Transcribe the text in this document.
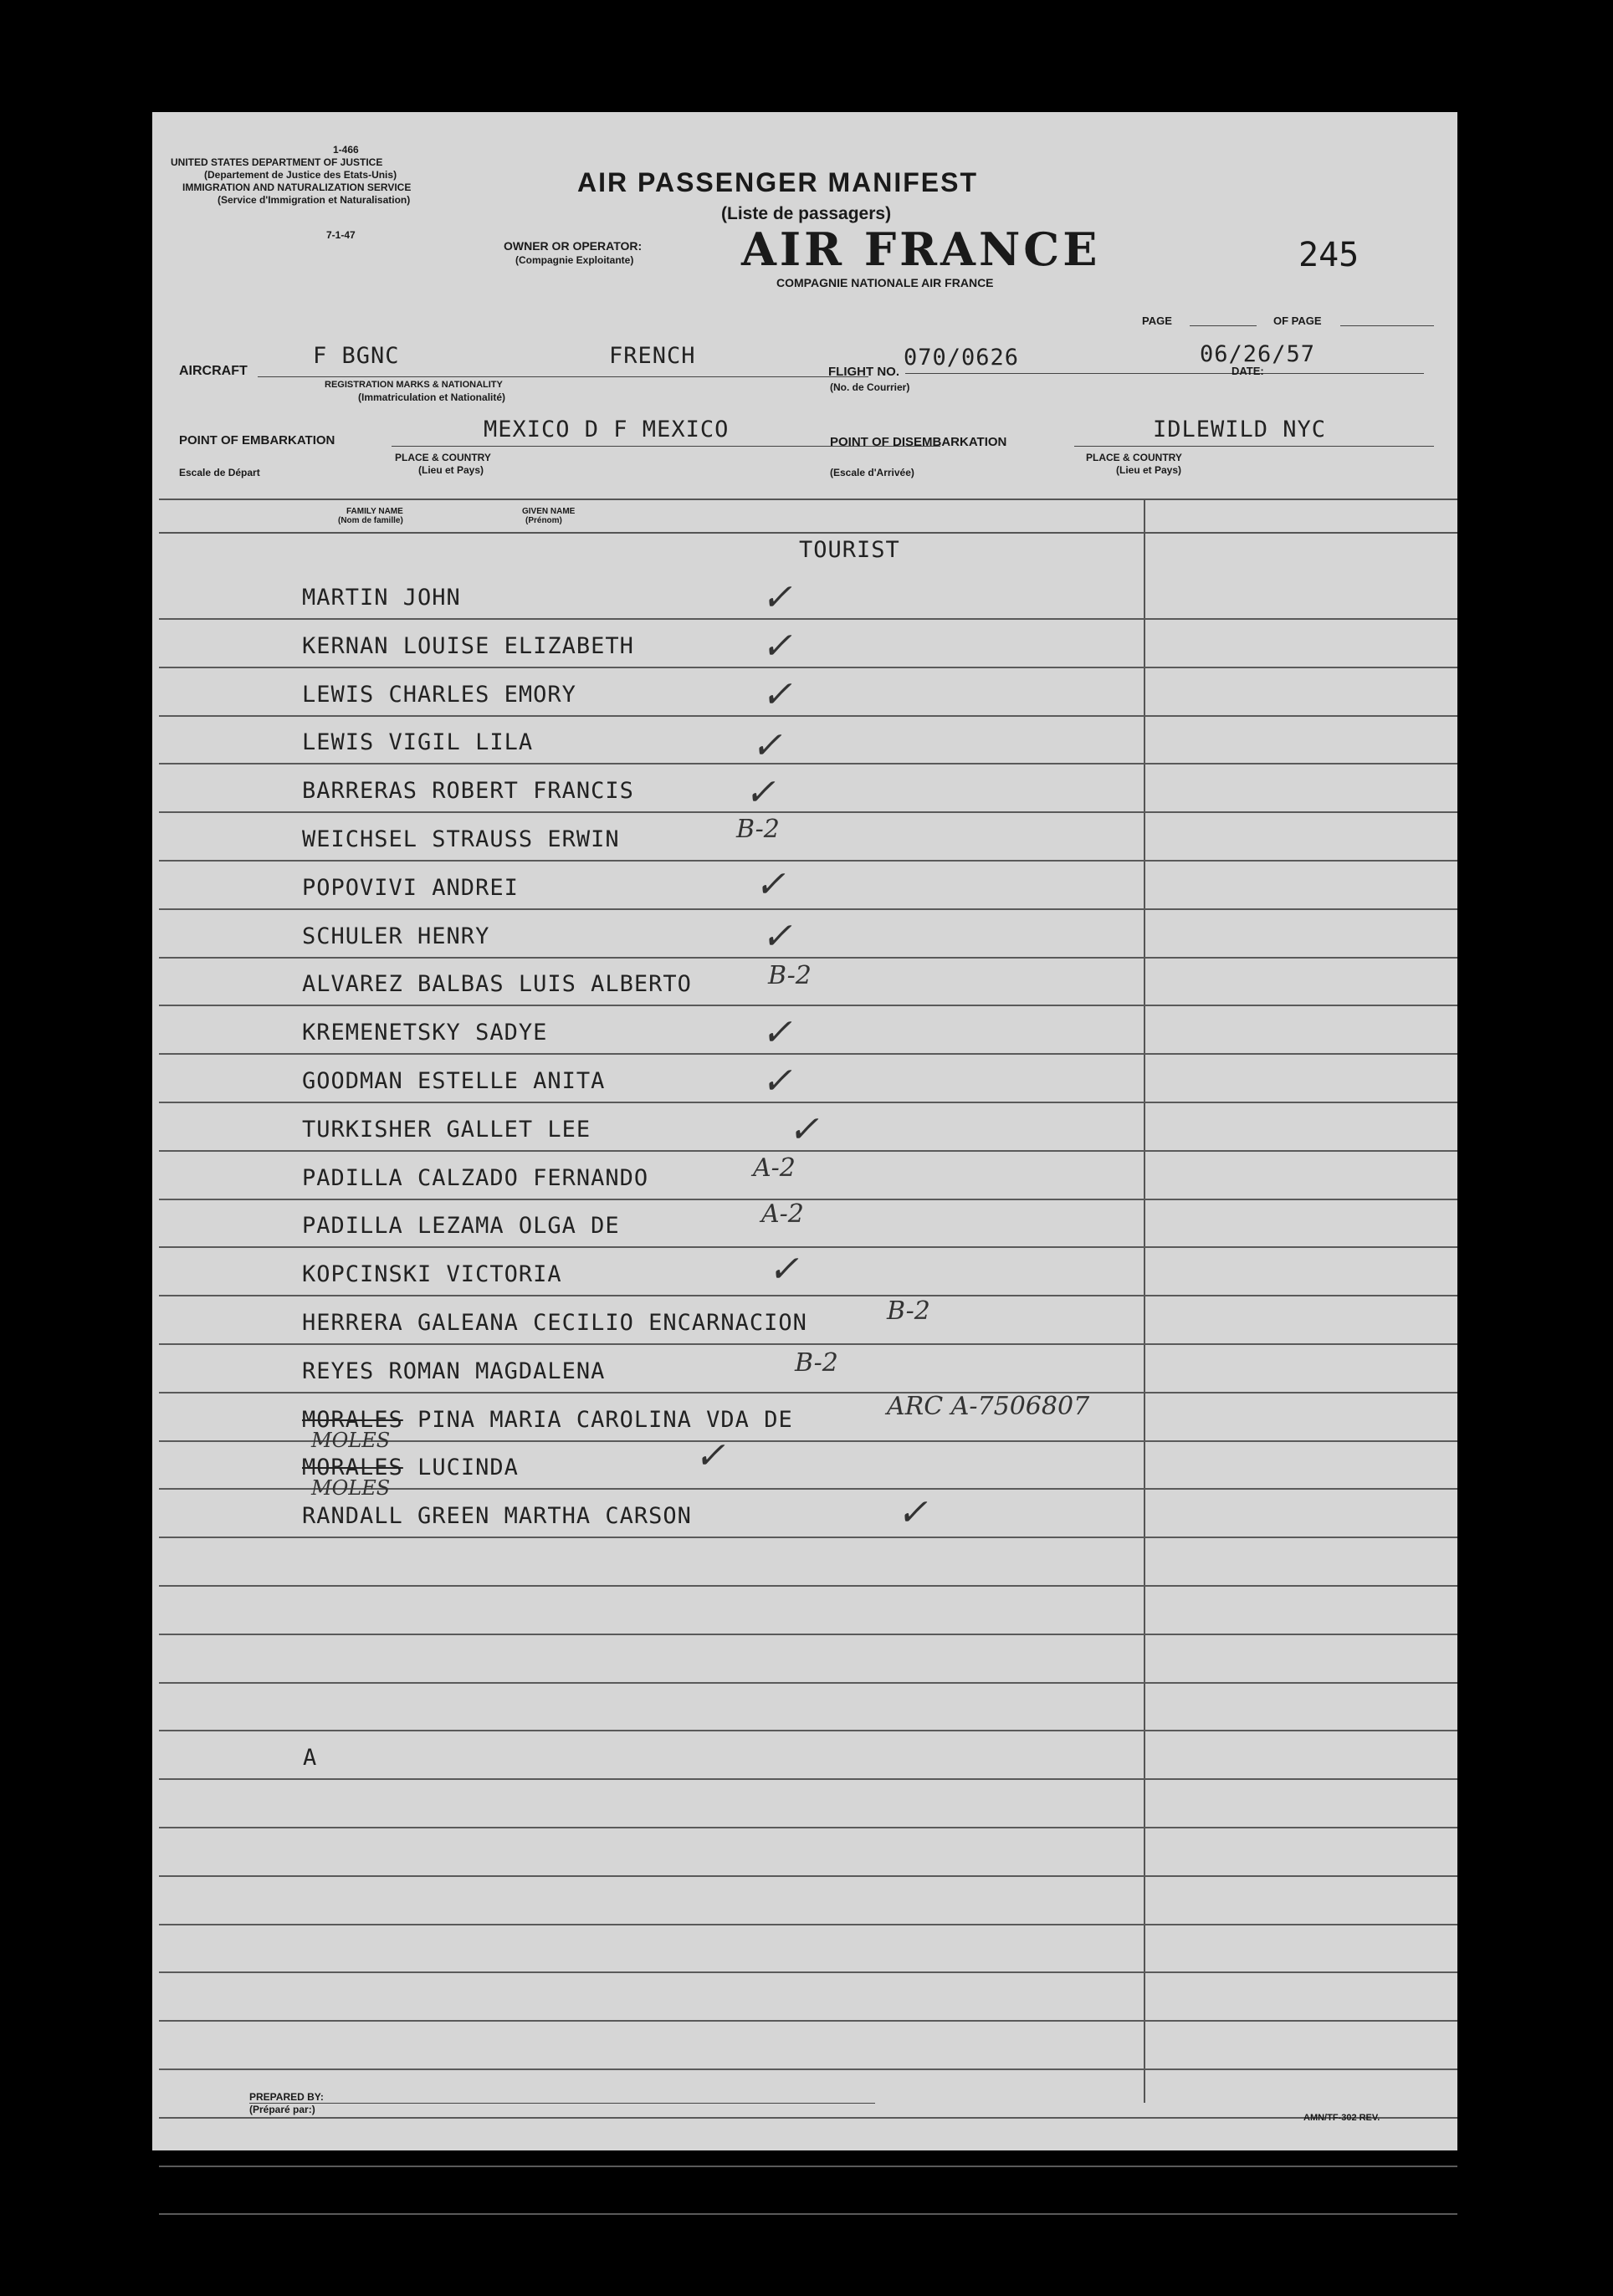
1-466
UNITED STATES DEPARTMENT OF JUSTICE
(Departement de Justice des Etats-Unis)
IMMIGRATION AND NATURALIZATION SERVICE
(Service d'Immigration et Naturalisation)
7-1-47
AIR PASSENGER MANIFEST
(Liste de passagers)
OWNER OR OPERATOR:
(Compagnie Exploitante) AIR FRANCE
COMPAGNIE NATIONALE AIR FRANCE
245
PAGE	OF PAGE
AIRCRAFT
F BGNC	FRENCH
REGISTRATION MARKS & NATIONALITY
(Immatriculation et Nationalité)
FLIGHT NO.
(No. de Courrier)
070/0626	06/26/57
DATE:
POINT OF EMBARKATION
Escale de Départ
MEXICO D F MEXICO
PLACE & COUNTRY
(Lieu et Pays)
POINT OF DISEMBARKATION
(Escale d'Arrivée)
IDLEWILD NYC
PLACE & COUNTRY
(Lieu et Pays)
FAMILY NAME
(Nom de famille)
GIVEN NAME
(Prénom)
TOURIST
MARTIN JOHN	✓
KERNAN LOUISE ELIZABETH	✓
LEWIS CHARLES EMORY	✓
LEWIS VIGIL LILA	✓
BARRERAS ROBERT FRANCIS	✓
WEICHSEL STRAUSS ERWIN	B-2
POPOVIVI ANDREI	✓
SCHULER HENRY	✓
ALVAREZ BALBAS LUIS ALBERTO	B-2
KREMENETSKY SADYE	✓
GOODMAN ESTELLE ANITA	✓
TURKISHER GALLET LEE	✓
PADILLA CALZADO FERNANDO	A-2
PADILLA LEZAMA OLGA DE	A-2
KOPCINSKI VICTORIA	✓
HERRERA GALEANA CECILIO ENCARNACION	B-2
REYES ROMAN MAGDALENA	B-2
MOLES
MORALES PINA MARIA CAROLINA VDA DE	ARC A-7506807
MOLES
MORALES LUCINDA	✓
RANDALL GREEN MARTHA CARSON	✓
A
PREPARED BY:
(Préparé par:)
AMN/TF-302 REV.
